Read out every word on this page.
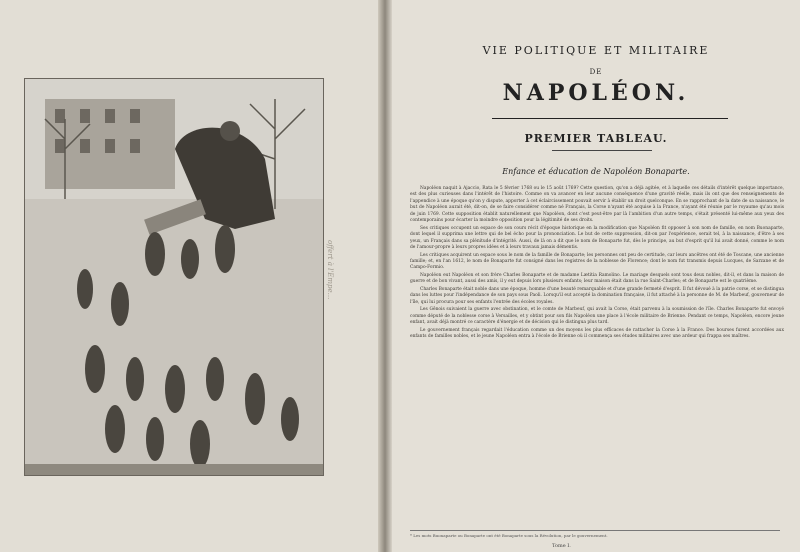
offert à l'Empe...
VIE POLITIQUE ET MILITAIRE
DE
NAPOLÉON.
PREMIER TABLEAU.
Enfance et éducation de Napoléon Bonaparte.

Napoléon naquit à Ajaccio, Rata le 5 février 1768 ou le 15 août 1769? Cette question, qu'on a déjà agitée, et à laquelle ces détails d'intérêt quelque importance, est des plus curieuses dans l'intérêt de l'histoire. Comme on va avancer en leur aucune conséquence d'une gravité réelle, mais ils ont que des renseignements de l'appendice à une époque qu'on y dispute, apporter à cet éclaircissement pouvait servir à établir un droit quelconque. En se rapprochant de la date de sa naissance, le but de Napoléon aurait été, dit-on, de se faire considérer comme né Français, la Corse n'ayant été acquise à la France, n'ayant été réunie par le royaume qu'au mois de juin 1769. Cette supposition établit naturellement que Napoléon, dont c'est peut-être par là l'ambition d'un autre temps, s'était présenté lui-même aux yeux des contemporains pour écarter la moindre opposition pour la légitimité de ses droits.

Ses critiques occupent un espace de son cours récit d'époque historique en la modification que Napoléon fit opposer à son nom de famille, en nom Buonaparte, dont lequel il supprima une lettre qui de bel écho pour la prononciation. Le but de cette suppression, dit-on par l'expérience, serait tel, à la naissance, d'être à ses yeux, un Français dans sa plénitude d'intégrité. Aussi, de là on a dit que le nom de Bonaparte fut, dès le principe, au but d'esprit qu'il lui avait donné, comme le nom de l'amour-propre à leurs propres idées et à leurs travaux jamais démentis.

Les critiques acquirent un espace sous le nom de la famille de Bonaparte; les personnes ont peu de certitude, car leurs ancêtres ont été de Toscane, une ancienne famille; et, en l'an 1612, le nom de Bonaparte fut consigné dans les registres de la noblesse de Florence; dont le nom fut transmis depuis Lucques, de Sarzane et de Campo-Formio.

Napoléon eut Napoléon et son frère Charles Bonaparte et de madame Lætitia Ramolino. Le mariage desquels sont tous deux nobles, dit-il, et dans la maison de guerre et de bon vivant, aussi des amis, il y eut depuis lors plusieurs enfants; leur maison était dans la rue Saint-Charles; et de Bonaparte est le quatrième.

Charles Bonaparte était noble dans une époque, homme d'une beauté remarquable et d'une grande fermeté d'esprit. Il fut dévoué à la patrie corse, et se distingua dans les luttes pour l'indépendance de son pays sous Paoli. Lorsqu'il eut accepté la domination française, il fut attaché à la personne de M. de Marbeuf, gouverneur de l'île, qui lui procura pour ses enfants l'entrée des écoles royales.

Les Gênois suivaient la guerre avec obstination, et le comte de Marbeuf, qui avait la Corse, était parvenu à la soumission de l'île. Charles Bonaparte fut envoyé comme député de la noblesse corse à Versailles, et y obtint pour son fils Napoléon une place à l'école militaire de Brienne. Pendant ce temps, Napoléon, encore jeune enfant, avait déjà montré ce caractère d'énergie et de décision qui le distingua plus tard.

Le gouvernement français regardait l'éducation comme un des moyens les plus efficaces de rattacher la Corse à la France. Des bourses furent accordées aux enfants de familles nobles, et le jeune Napoléon entra à l'école de Brienne où il commença ses études militaires avec une ardeur qui frappa ses maîtres.

* Les mots Buonaparte ou Bonaparte ont été Bonaparte sous la Révolution, par le gouvernement.
Tome I.
